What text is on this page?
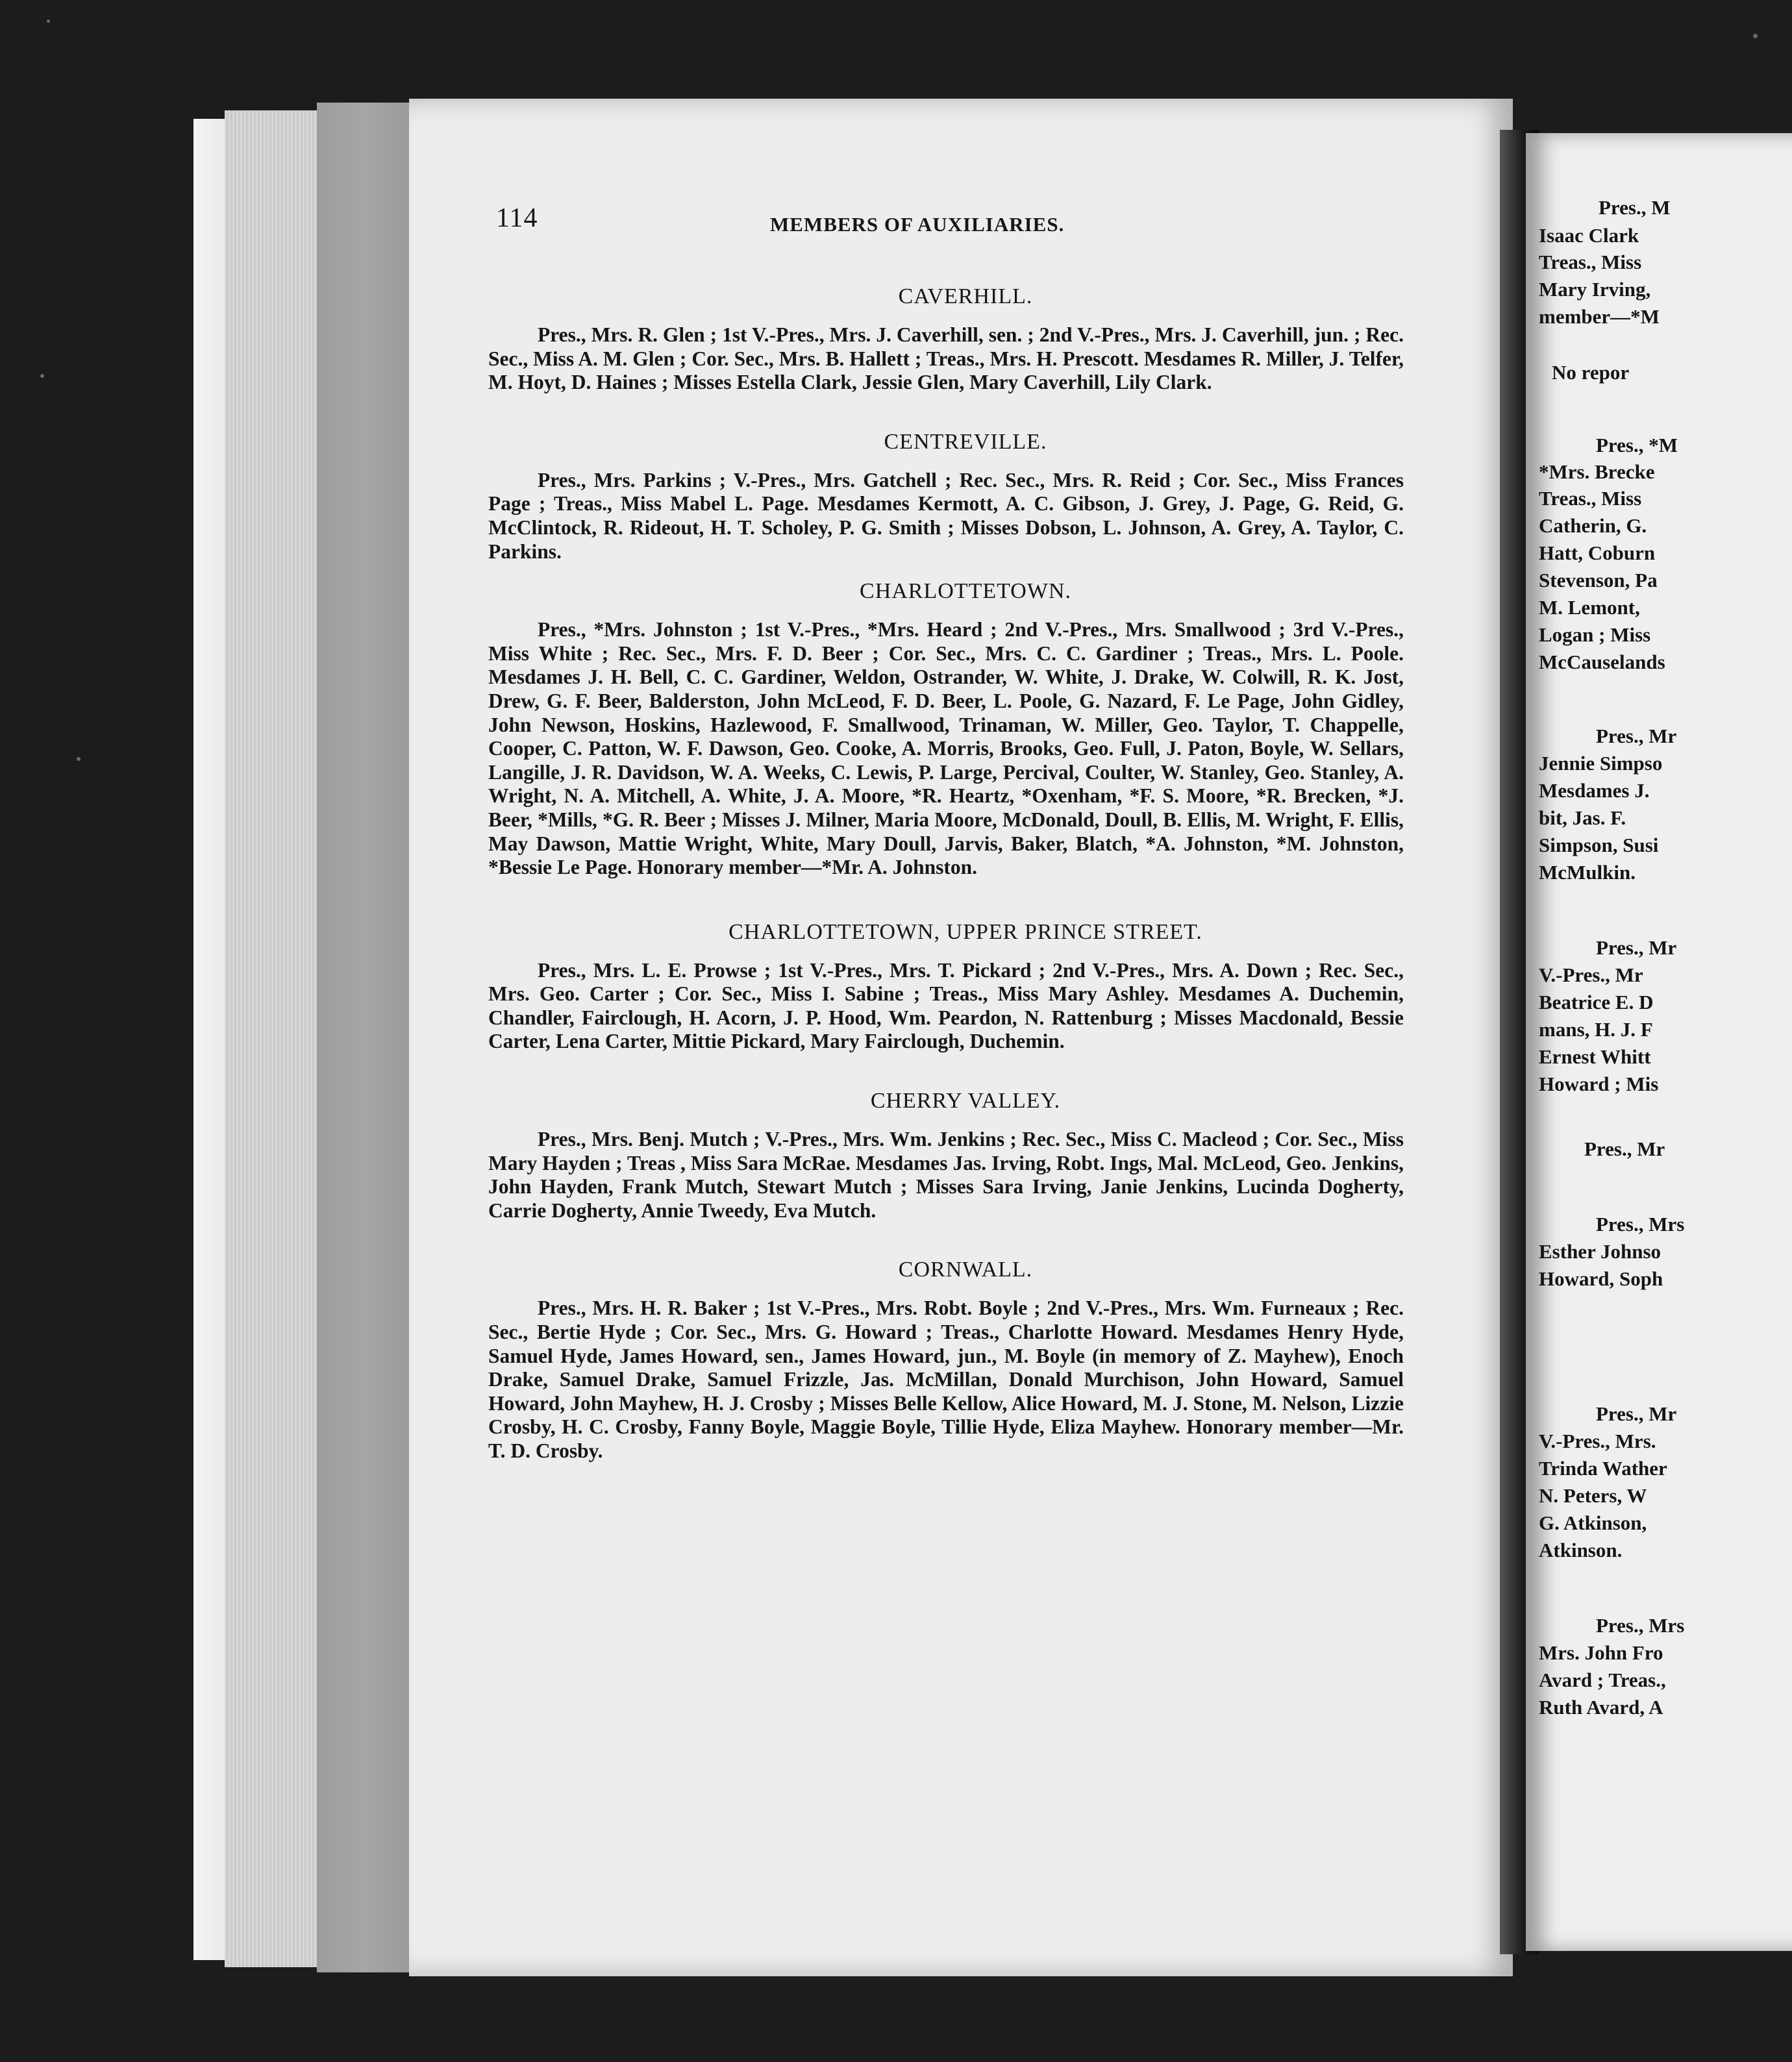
Pres., M
Isaac Clark
Treas., Miss
Mary Irving,
member—*M
No repor
Pres., *M
*Mrs. Brecke
Treas., Miss
Catherin, G.
Hatt, Coburn
Stevenson, Pa
M. Lemont,
Logan ; Miss
McCauselands
Pres., Mr
Jennie Simpso
Mesdames J.
bit, Jas. F.
Simpson, Susi
McMulkin.
Pres., Mr
V.-Pres., Mr
Beatrice E. D
mans, H. J. F
Ernest Whitt
Howard ; Mis
Pres., Mr
Pres., Mrs
Esther Johnso
Howard, Soph
Pres., Mr
V.-Pres., Mrs.
Trinda Wather
N. Peters, W
G. Atkinson,
Atkinson.
Pres., Mrs
Mrs. John Fro
Avard ; Treas.,
Ruth Avard, A
114	MEMBERS OF AUXILIARIES.
CAVERHILL.
Pres., Mrs. R. Glen ; 1st V.-Pres., Mrs. J. Caverhill, sen. ; 2nd V.-Pres., Mrs. J. Caverhill, jun. ; Rec. Sec., Miss A. M. Glen ; Cor. Sec., Mrs. B. Hallett ; Treas., Mrs. H. Prescott. Mesdames R. Miller, J. Telfer, M. Hoyt, D. Haines ; Misses Estella Clark, Jessie Glen, Mary Caverhill, Lily Clark.
CENTREVILLE.
Pres., Mrs. Parkins ; V.-Pres., Mrs. Gatchell ; Rec. Sec., Mrs. R. Reid ; Cor. Sec., Miss Frances Page ; Treas., Miss Mabel L. Page. Mesdames Kermott, A. C. Gibson, J. Grey, J. Page, G. Reid, G. McClintock, R. Rideout, H. T. Scholey, P. G. Smith ; Misses Dobson, L. Johnson, A. Grey, A. Taylor, C. Parkins.
CHARLOTTETOWN.
Pres., *Mrs. Johnston ; 1st V.-Pres., *Mrs. Heard ; 2nd V.-Pres., Mrs. Smallwood ; 3rd V.-Pres., Miss White ; Rec. Sec., Mrs. F. D. Beer ; Cor. Sec., Mrs. C. C. Gardiner ; Treas., Mrs. L. Poole. Mesdames J. H. Bell, C. C. Gardiner, Weldon, Ostrander, W. White, J. Drake, W. Colwill, R. K. Jost, Drew, G. F. Beer, Balderston, John McLeod, F. D. Beer, L. Poole, G. Nazard, F. Le Page, John Gidley, John Newson, Hoskins, Hazlewood, F. Smallwood, Trinaman, W. Miller, Geo. Taylor, T. Chappelle, Cooper, C. Patton, W. F. Dawson, Geo. Cooke, A. Morris, Brooks, Geo. Full, J. Paton, Boyle, W. Sellars, Langille, J. R. Davidson, W. A. Weeks, C. Lewis, P. Large, Percival, Coulter, W. Stanley, Geo. Stanley, A. Wright, N. A. Mitchell, A. White, J. A. Moore, *R. Heartz, *Oxenham, *F. S. Moore, *R. Brecken, *J. Beer, *Mills, *G. R. Beer ; Misses J. Milner, Maria Moore, McDonald, Doull, B. Ellis, M. Wright, F. Ellis, May Dawson, Mattie Wright, White, Mary Doull, Jarvis, Baker, Blatch, *A. Johnston, *M. Johnston, *Bessie Le Page. Honorary member—*Mr. A. Johnston.
CHARLOTTETOWN, UPPER PRINCE STREET.
Pres., Mrs. L. E. Prowse ; 1st V.-Pres., Mrs. T. Pickard ; 2nd V.-Pres., Mrs. A. Down ; Rec. Sec., Mrs. Geo. Carter ; Cor. Sec., Miss I. Sabine ; Treas., Miss Mary Ashley. Mesdames A. Duchemin, Chandler, Fairclough, H. Acorn, J. P. Hood, Wm. Peardon, N. Rattenburg ; Misses Macdonald, Bessie Carter, Lena Carter, Mittie Pickard, Mary Fairclough, Duchemin.
CHERRY VALLEY.
Pres., Mrs. Benj. Mutch ; V.-Pres., Mrs. Wm. Jenkins ; Rec. Sec., Miss C. Macleod ; Cor. Sec., Miss Mary Hayden ; Treas , Miss Sara McRae. Mesdames Jas. Irving, Robt. Ings, Mal. McLeod, Geo. Jenkins, John Hayden, Frank Mutch, Stewart Mutch ; Misses Sara Irving, Janie Jenkins, Lucinda Dogherty, Carrie Dogherty, Annie Tweedy, Eva Mutch.
CORNWALL.
Pres., Mrs. H. R. Baker ; 1st V.-Pres., Mrs. Robt. Boyle ; 2nd V.-Pres., Mrs. Wm. Furneaux ; Rec. Sec., Bertie Hyde ; Cor. Sec., Mrs. G. Howard ; Treas., Charlotte Howard. Mesdames Henry Hyde, Samuel Hyde, James Howard, sen., James Howard, jun., M. Boyle (in memory of Z. Mayhew), Enoch Drake, Samuel Drake, Samuel Frizzle, Jas. McMillan, Donald Murchison, John Howard, Samuel Howard, John Mayhew, H. J. Crosby ; Misses Belle Kellow, Alice Howard, M. J. Stone, M. Nelson, Lizzie Crosby, H. C. Crosby, Fanny Boyle, Maggie Boyle, Tillie Hyde, Eliza Mayhew. Honorary member—Mr. T. D. Crosby.
